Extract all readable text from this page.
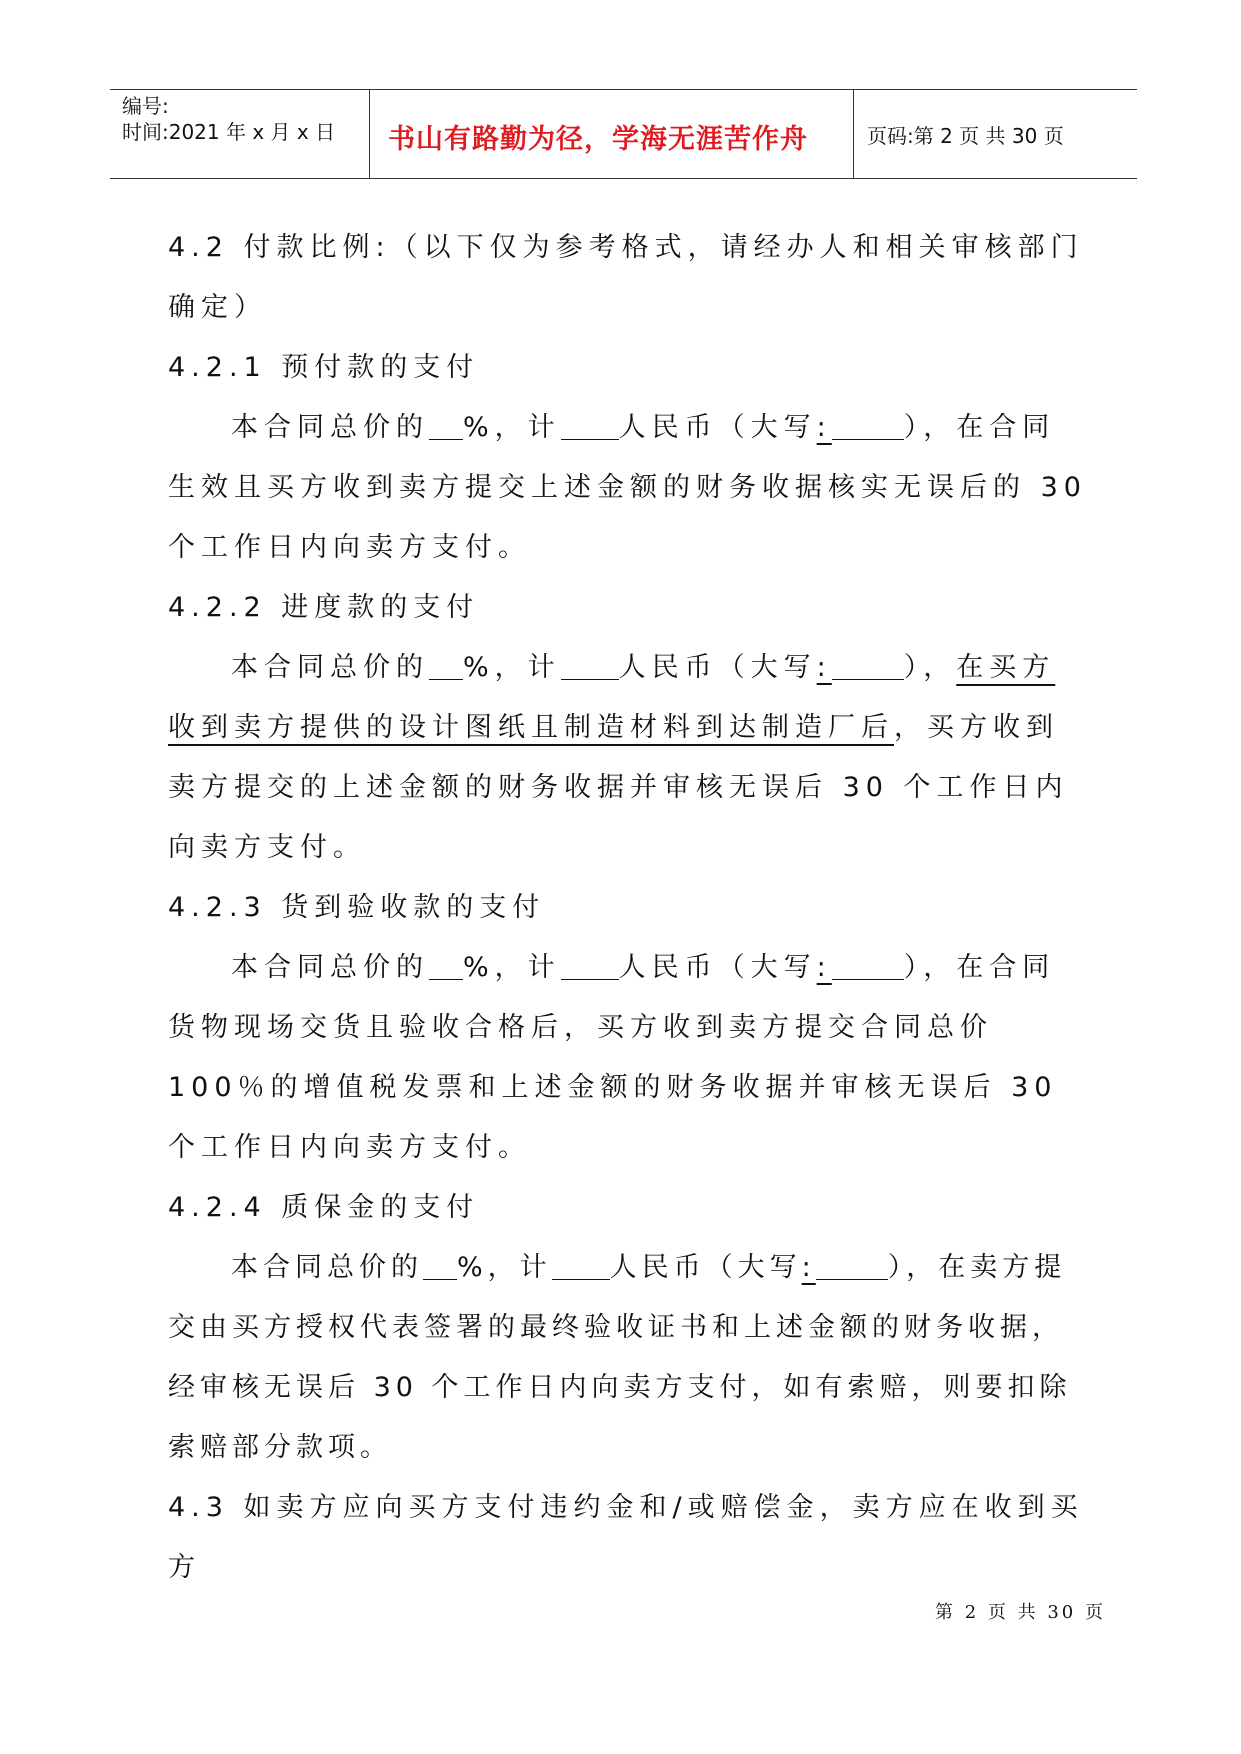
编号:
时间:2021 年 x 月 x 日 书山有路勤为径，学海无涯苦作舟	页码:第 2 页 共 30 页

4.2 付款比例:（以下仅为参考格式，请经办人和相关审核部门确定）

4.2.1 预付款的支付

本合同总价的 %，计 人民币（大写:	），在合同生效且买方收到卖方提交上述金额的财务收据核实无误后的 30 个工作日内向卖方支付。

4.2.2 进度款的支付

本合同总价的 %，计 人民币（大写:	），在买方收到卖方提供的设计图纸且制造材料到达制造厂后，买方收到卖方提交的上述金额的财务收据并审核无误后 30 个工作日内向卖方支付。

4.2.3 货到验收款的支付

本合同总价的 %，计 人民币（大写:	），在合同货物现场交货且验收合格后，买方收到卖方提交合同总价 100％的增值税发票和上述金额的财务收据并审核无误后 30 个工作日内向卖方支付。

4.2.4 质保金的支付

本合同总价的 %，计 人民币（大写:	），在卖方提交由买方授权代表签署的最终验收证书和上述金额的财务收据，经审核无误后 30 个工作日内向卖方支付，如有索赔，则要扣除索赔部分款项。

4.3 如卖方应向买方支付违约金和/或赔偿金，卖方应在收到买方

第 2 页 共 30 页
